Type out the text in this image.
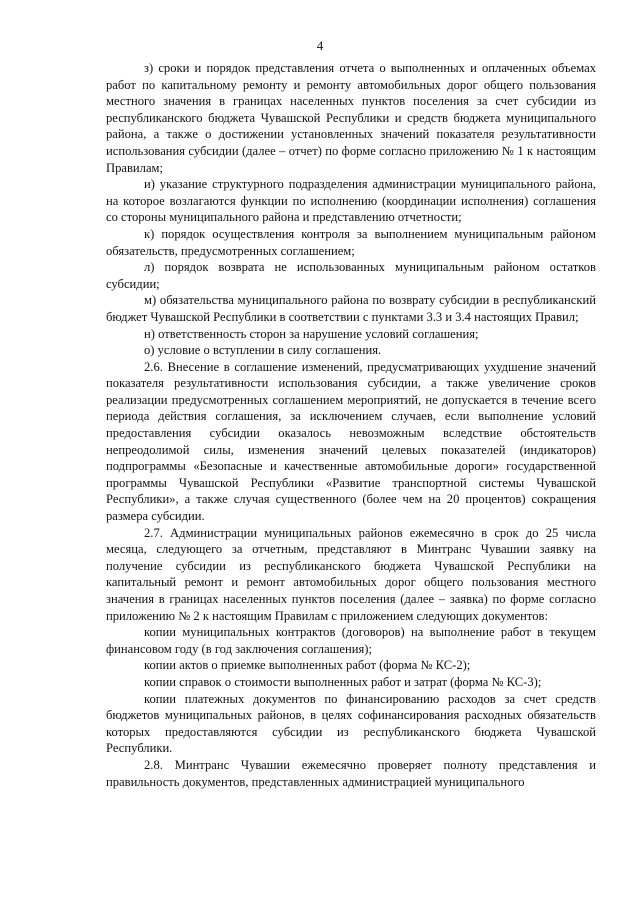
4

з) сроки и порядок представления отчета о выполненных и оплаченных объемах работ по капитальному ремонту и ремонту автомобильных дорог общего пользования местного значения в границах населенных пунктов поселения за счет субсидии из республиканского бюджета Чувашской Республики и средств бюджета муниципального района, а также о достижении установленных значений показателя результативности использования субсидии (далее – отчет) по форме согласно приложению № 1 к настоящим Правилам;

и) указание структурного подразделения администрации муниципального района, на которое возлагаются функции по исполнению (координации исполнения) соглашения со стороны муниципального района и представлению отчетности;

к) порядок осуществления контроля за выполнением муниципальным районом обязательств, предусмотренных соглашением;

л) порядок возврата не использованных муниципальным районом остатков субсидии;

м) обязательства муниципального района по возврату субсидии в республиканский бюджет Чувашской Республики в соответствии с пунктами 3.3 и 3.4 настоящих Правил;

н) ответственность сторон за нарушение условий соглашения;

о) условие о вступлении в силу соглашения.

2.6. Внесение в соглашение изменений, предусматривающих ухудшение значений показателя результативности использования субсидии, а также увеличение сроков реализации предусмотренных соглашением мероприятий, не допускается в течение всего периода действия соглашения, за исключением случаев, если выполнение условий предоставления субсидии оказалось невозможным вследствие обстоятельств непреодолимой силы, изменения значений целевых показателей (индикаторов) подпрограммы «Безопасные и качественные автомобильные дороги» государственной программы Чувашской Республики «Развитие транспортной системы Чувашской Республики», а также случая существенного (более чем на 20 процентов) сокращения размера субсидии.

2.7. Администрации муниципальных районов ежемесячно в срок до 25 числа месяца, следующего за отчетным, представляют в Минтранс Чувашии заявку на получение субсидии из республиканского бюджета Чувашской Республики на капитальный ремонт и ремонт автомобильных дорог общего пользования местного значения в границах населенных пунктов поселения (далее – заявка) по форме согласно приложению № 2 к настоящим Правилам с приложением следующих документов:

копии муниципальных контрактов (договоров) на выполнение работ в текущем финансовом году (в год заключения соглашения);

копии актов о приемке выполненных работ (форма № КС-2);

копии справок о стоимости выполненных работ и затрат (форма № КС-3);

копии платежных документов по финансированию расходов за счет средств бюджетов муниципальных районов, в целях софинансирования расходных обязательств которых предоставляются субсидии из республиканского бюджета Чувашской Республики.

2.8. Минтранс Чувашии ежемесячно проверяет полноту представления и правильность документов, представленных администрацией муниципального
